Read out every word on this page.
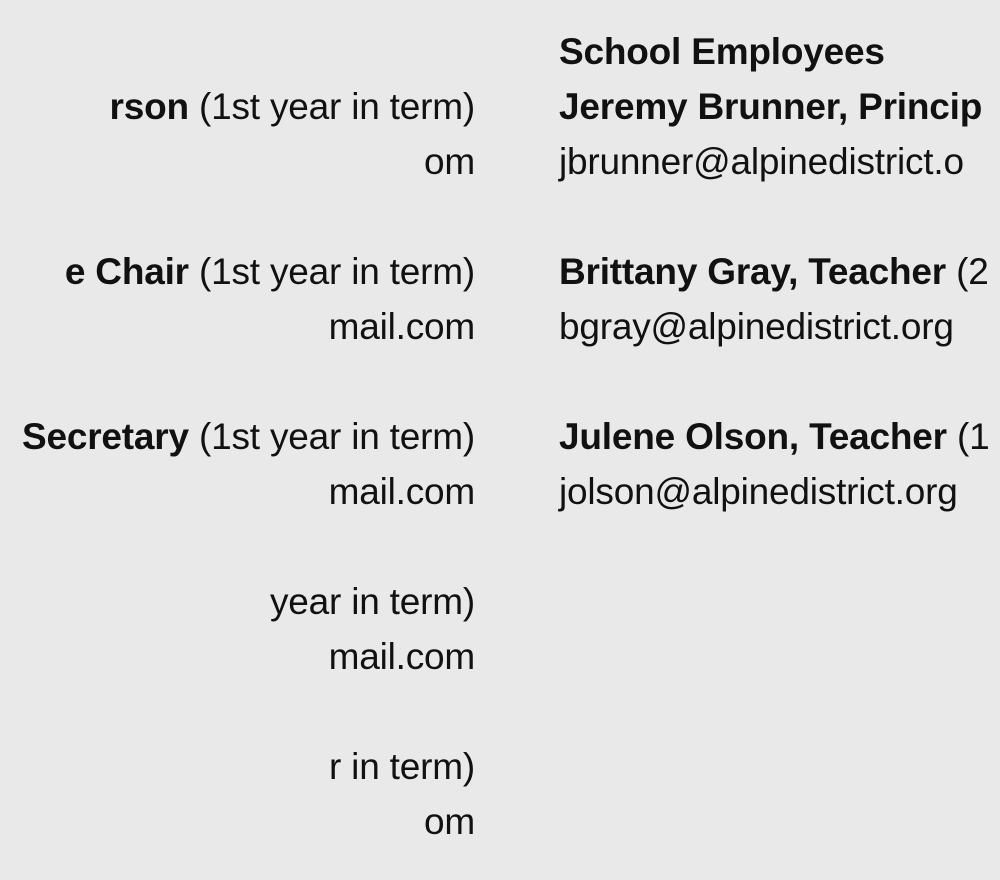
rson (1st year in term)
om
e Chair (1st year in term)
mail.com
Secretary (1st year in term)
mail.com
year in term)
mail.com
r in term)
om
School Employees
Jeremy Brunner, Princip
jbrunner@alpinedistrict.o
Brittany Gray, Teacher (2
bgray@alpinedistrict.org
Julene Olson, Teacher (1
jolson@alpinedistrict.org
